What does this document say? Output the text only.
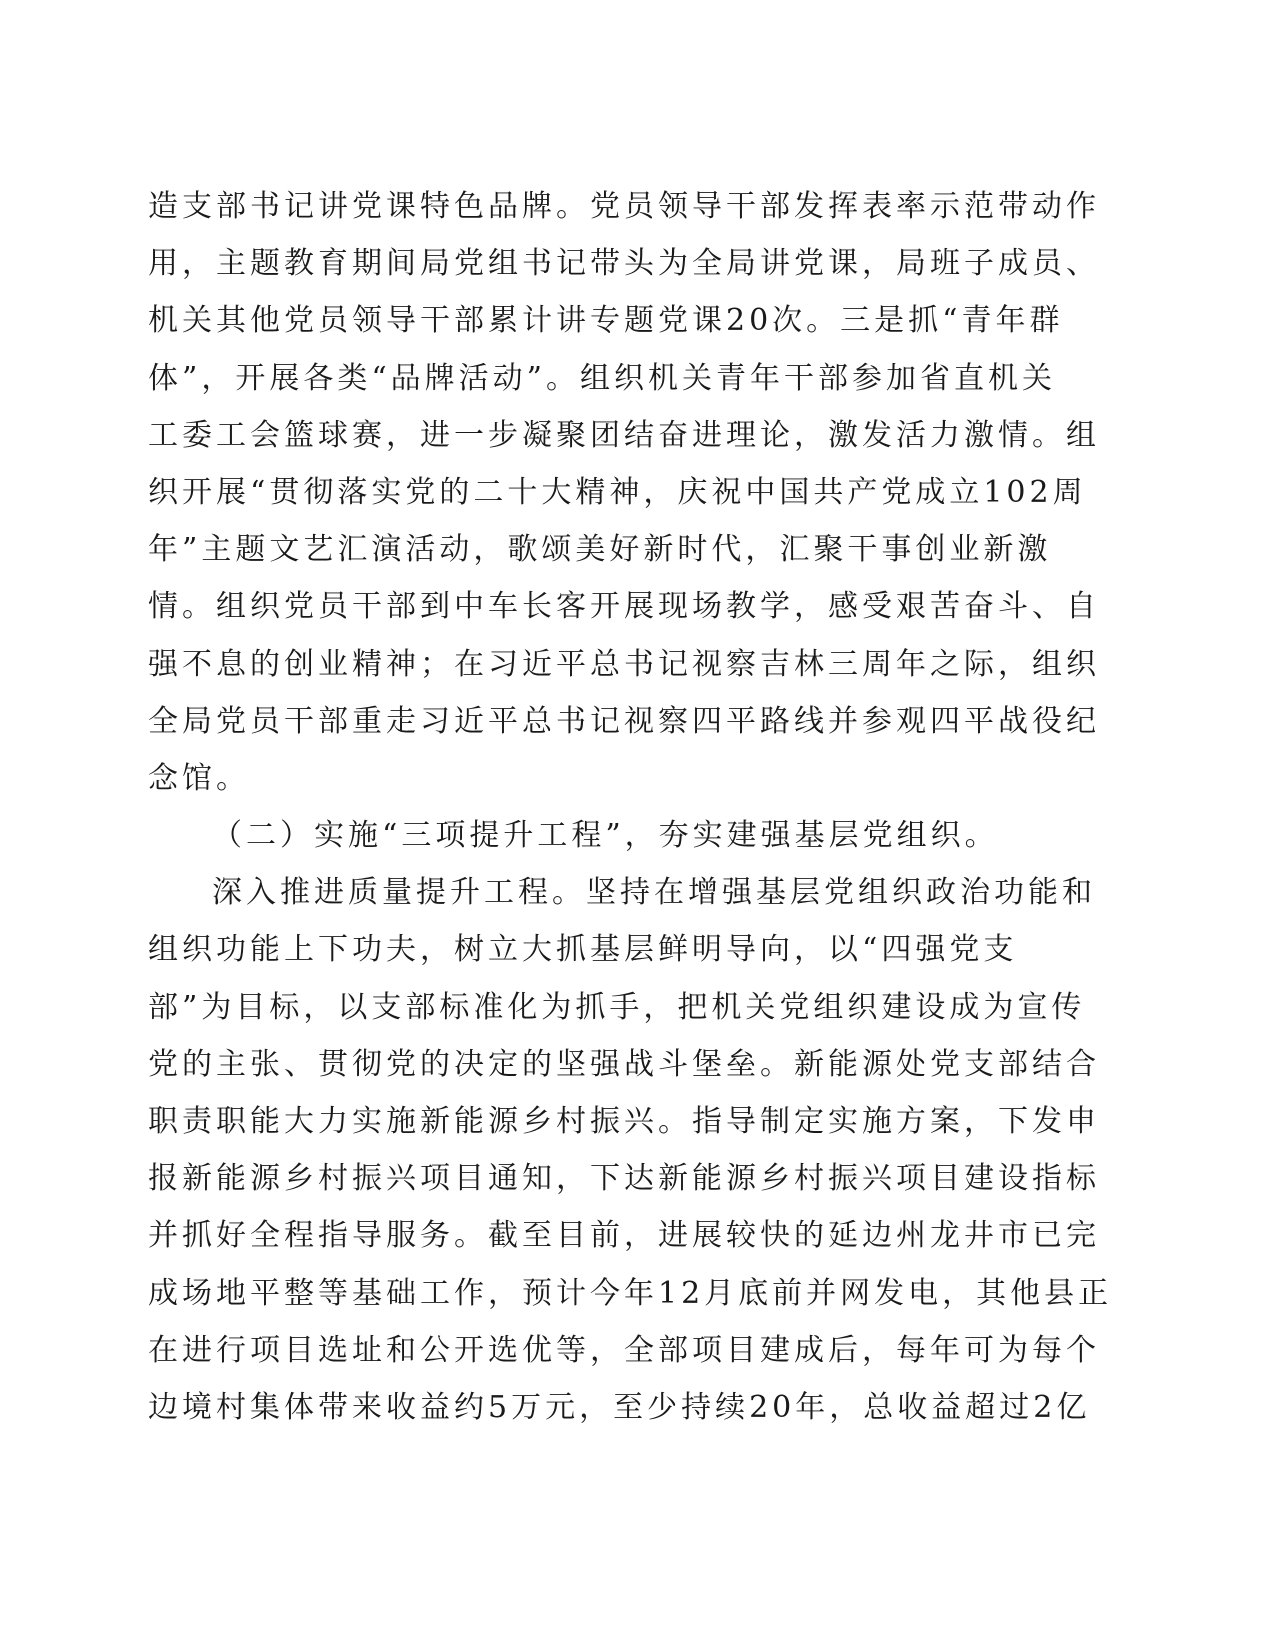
造支部书记讲党课特色品牌。党员领导干部发挥表率示范带动作
用，主题教育期间局党组书记带头为全局讲党课，局班子成员、
机关其他党员领导干部累计讲专题党课20次。三是抓“青年群
体”，开展各类“品牌活动”。组织机关青年干部参加省直机关
工委工会篮球赛，进一步凝聚团结奋进理论，激发活力激情。组
织开展“贯彻落实党的二十大精神，庆祝中国共产党成立102周
年”主题文艺汇演活动，歌颂美好新时代，汇聚干事创业新激
情。组织党员干部到中车长客开展现场教学，感受艰苦奋斗、自
强不息的创业精神；在习近平总书记视察吉林三周年之际，组织
全局党员干部重走习近平总书记视察四平路线并参观四平战役纪
念馆。
（二）实施“三项提升工程”，夯实建强基层党组织。
深入推进质量提升工程。坚持在增强基层党组织政治功能和
组织功能上下功夫，树立大抓基层鲜明导向，以“四强党支
部”为目标，以支部标准化为抓手，把机关党组织建设成为宣传
党的主张、贯彻党的决定的坚强战斗堡垒。新能源处党支部结合
职责职能大力实施新能源乡村振兴。指导制定实施方案，下发申
报新能源乡村振兴项目通知，下达新能源乡村振兴项目建设指标
并抓好全程指导服务。截至目前，进展较快的延边州龙井市已完
成场地平整等基础工作，预计今年12月底前并网发电，其他县正
在进行项目选址和公开选优等，全部项目建成后，每年可为每个
边境村集体带来收益约5万元，至少持续20年，总收益超过2亿
